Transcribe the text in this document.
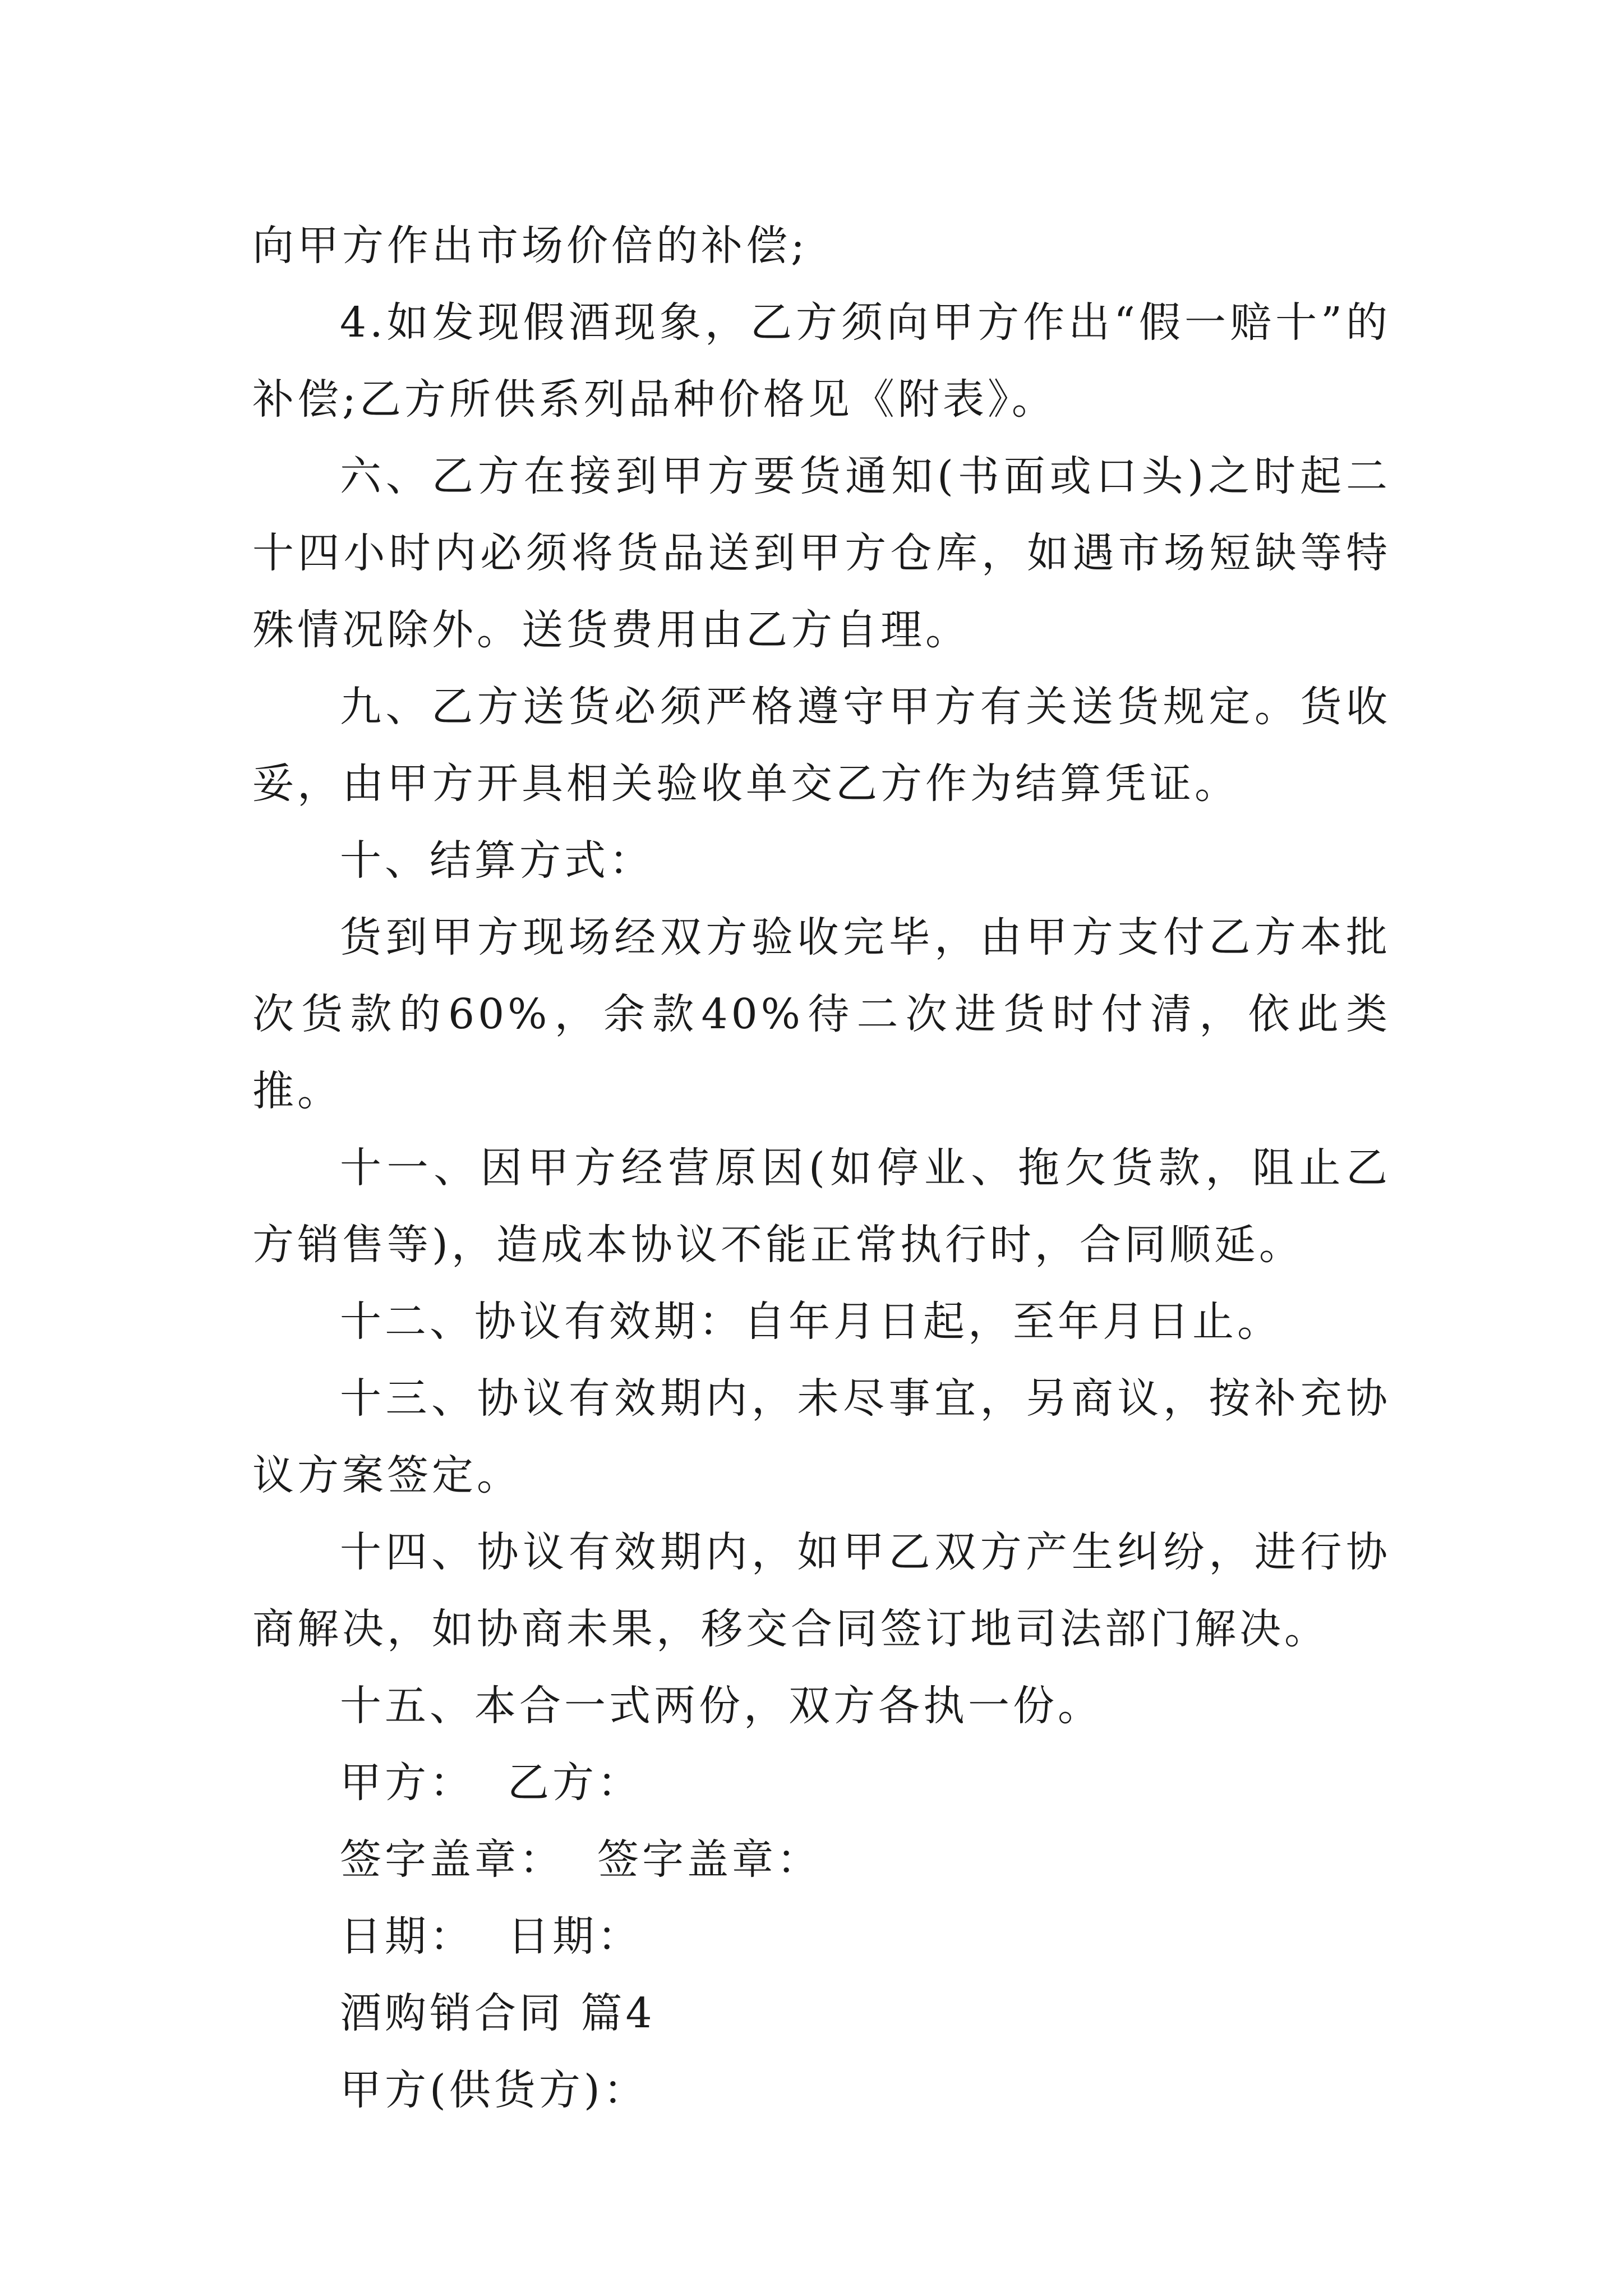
向甲方作出市场价倍的补偿;

4.如发现假酒现象，乙方须向甲方作出“假一赔十”的补偿;乙方所供系列品种价格见《附表》。

六、乙方在接到甲方要货通知(书面或口头)之时起二十四小时内必须将货品送到甲方仓库，如遇市场短缺等特殊情况除外。送货费用由乙方自理。

九、乙方送货必须严格遵守甲方有关送货规定。货收妥，由甲方开具相关验收单交乙方作为结算凭证。

十、结算方式：

货到甲方现场经双方验收完毕，由甲方支付乙方本批次货款的60%，余款40%待二次进货时付清，依此类推。

十一、因甲方经营原因(如停业、拖欠货款，阻止乙方销售等)，造成本协议不能正常执行时，合同顺延。

十二、协议有效期：自年月日起，至年月日止。

十三、协议有效期内，未尽事宜，另商议，按补充协议方案签定。

十四、协议有效期内，如甲乙双方产生纠纷，进行协商解决，如协商未果，移交合同签订地司法部门解决。

十五、本合一式两份，双方各执一份。

甲方：  乙方：

签字盖章：  签字盖章：

日期：  日期：

酒购销合同 篇4

甲方(供货方)：
